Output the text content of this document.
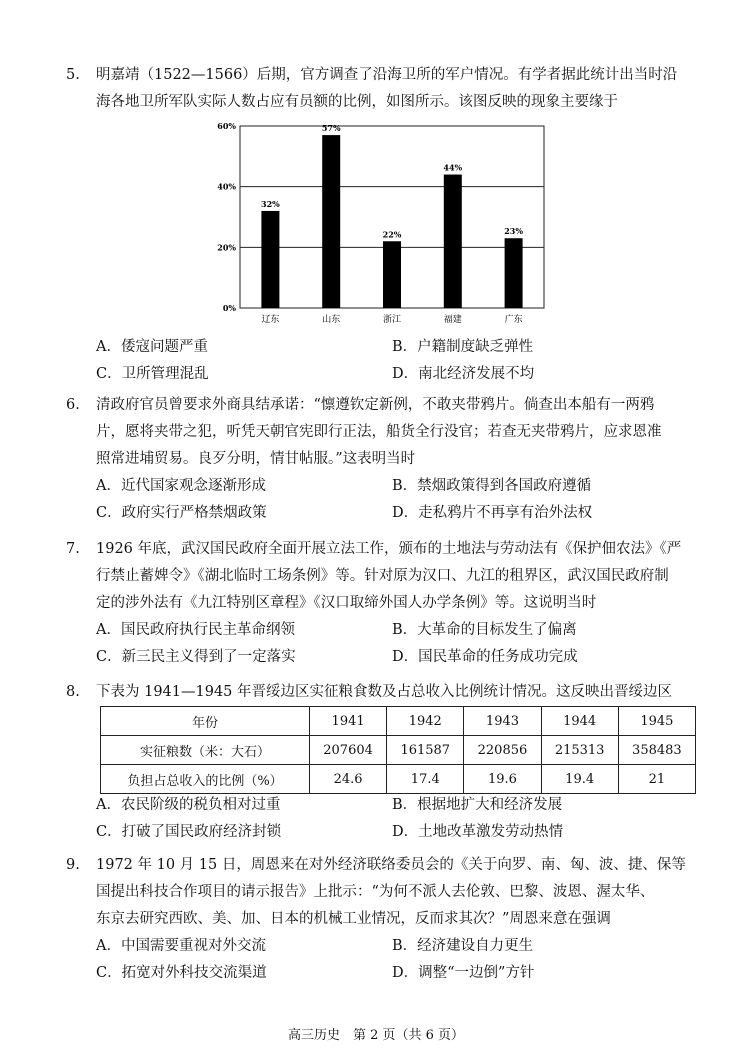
5. 明嘉靖（1522—1566）后期，官方调查了沿海卫所的军户情况。有学者据此统计出当时沿
海各地卫所军队实际人数占应有员额的比例，如图所示。该图反映的现象主要缘于
0%
20%
40%
60%
32%
辽东
57%
山东
22%
浙江
44%
福建
23%
广东
A．倭寇问题严重	B．户籍制度缺乏弹性
C．卫所管理混乱	D．南北经济发展不均
6. 清政府官员曾要求外商具结承诺：“懔遵钦定新例，不敢夹带鸦片。倘查出本船有一两鸦
片，愿将夹带之犯，听凭天朝官宪即行正法，船货全行没官；若查无夹带鸦片，应求恩准
照常进埔贸易。良歹分明，情甘帖服。”这表明当时
A．近代国家观念逐渐形成	B．禁烟政策得到各国政府遵循
C．政府实行严格禁烟政策	D．走私鸦片不再享有治外法权
7. 1926 年底，武汉国民政府全面开展立法工作，颁布的土地法与劳动法有《保护佃农法》《严
行禁止蓄婢令》《湖北临时工场条例》等。针对原为汉口、九江的租界区，武汉国民政府制
定的涉外法有《九江特别区章程》《汉口取缔外国人办学条例》等。这说明当时
A．国民政府执行民主革命纲领	B．大革命的目标发生了偏离
C．新三民主义得到了一定落实	D．国民革命的任务成功完成
8. 下表为 1941—1945 年晋绥边区实征粮食数及占总收入比例统计情况。这反映出晋绥边区
年份	1941	1942	1943	1944	1945
实征粮数（米：大石）	207604	161587	220856	215313	358483
负担占总收入的比例（%）	24.6	17.4	19.6	19.4	21
A．农民阶级的税负相对过重	B．根据地扩大和经济发展
C．打破了国民政府经济封锁	D．土地改革激发劳动热情
9. 1972 年 10 月 15 日，周恩来在对外经济联络委员会的《关于向罗、南、匈、波、捷、保等
国提出科技合作项目的请示报告》上批示：“为何不派人去伦敦、巴黎、波恩、渥太华、
东京去研究西欧、美、加、日本的机械工业情况，反而求其次？”周恩来意在强调
A．中国需要重视对外交流	B．经济建设自力更生
C．拓宽对外科技交流渠道	D．调整“一边倒”方针
高三历史　第 2 页（共 6 页）
